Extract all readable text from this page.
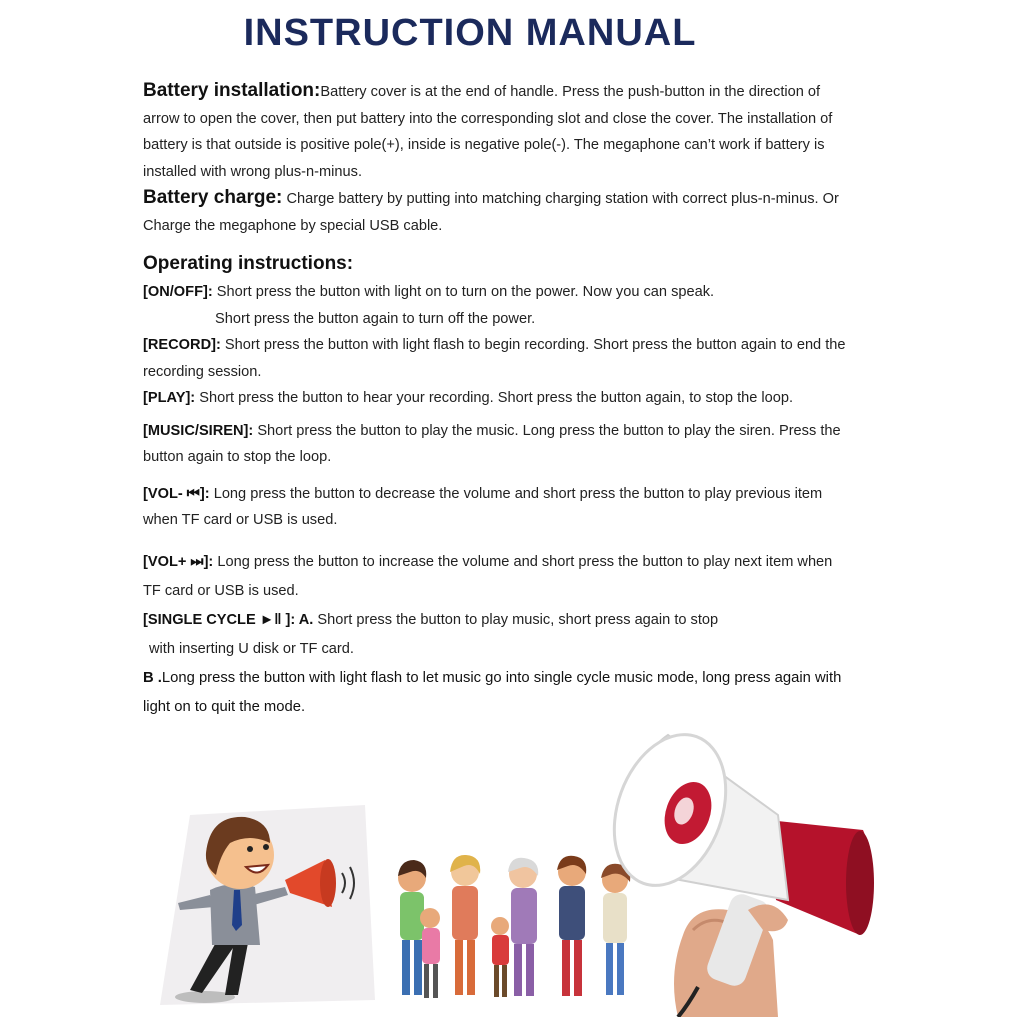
INSTRUCTION MANUAL

Battery installation:Battery cover is at the end of handle. Press the push-button in the direction of arrow to open the cover, then put battery into the corresponding slot and close the cover. The installation of battery is that outside is positive pole(+), inside is negative pole(-). The megaphone can’t work if battery is installed with wrong plus-n-minus.

Battery charge: Charge battery by putting into matching charging station with correct plus-n-minus. Or Charge the megaphone by special USB cable.

Operating instructions:

[ON/OFF]: Short press the button with light on to turn on the power. Now you can speak.

Short press the button again to turn off the power.

[RECORD]: Short press the button with light flash to begin recording. Short press the button again to end the recording session.

[PLAY]: Short press the button to hear your recording. Short press the button again, to stop the loop.

[MUSIC/SIREN]: Short press the button to play the music. Long press the button to play the siren. Press the button again to stop the loop.

[VOL- ⏮]: Long press the button to decrease the volume and short press the button to play previous item when TF card or USB is used.

[VOL+ ⏭]: Long press the button to increase the volume and short press the button to play next item when TF card or USB is used.

[SINGLE CYCLE ►‖ ]: A. Short press the button to play music, short press again to stop

with inserting U disk or TF card.

B .Long press the button with light flash to let music go into single cycle music mode, long press again with light on to quit the mode.
